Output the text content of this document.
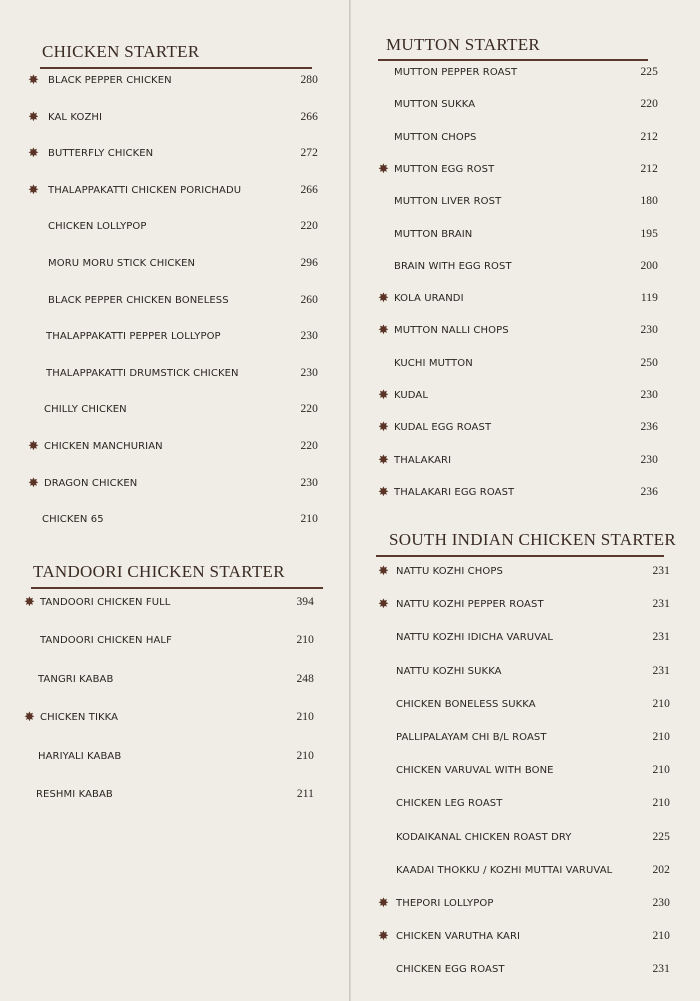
CHICKEN STARTER
✸ BLACK PEPPER CHICKEN	280
✸ KAL KOZHI	266
✸ BUTTERFLY CHICKEN	272
✸ THALAPPAKATTI CHICKEN PORICHADU	266
CHICKEN LOLLYPOP	220
MORU MORU STICK CHICKEN	296
BLACK PEPPER CHICKEN BONELESS	260
THALAPPAKATTI PEPPER LOLLYPOP	230
THALAPPAKATTI DRUMSTICK CHICKEN	230
CHILLY CHICKEN	220
✸ CHICKEN MANCHURIAN	220
✸ DRAGON CHICKEN	230
CHICKEN 65	210
TANDOORI CHICKEN STARTER
✸ TANDOORI CHICKEN FULL	394
TANDOORI CHICKEN HALF	210
TANGRI KABAB	248
✸ CHICKEN TIKKA	210
HARIYALI KABAB	210
RESHMI KABAB	211
MUTTON STARTER
MUTTON PEPPER ROAST	225
MUTTON SUKKA	220
MUTTON CHOPS	212
✸ MUTTON EGG ROST	212
MUTTON LIVER ROST	180
MUTTON BRAIN	195
BRAIN WITH EGG ROST	200
✸ KOLA URANDI	119
✸ MUTTON NALLI CHOPS	230
KUCHI MUTTON	250
✸ KUDAL	230
✸ KUDAL EGG ROAST	236
✸ THALAKARI	230
✸ THALAKARI EGG ROAST	236
SOUTH INDIAN CHICKEN STARTER
✸ NATTU KOZHI CHOPS	231
✸ NATTU KOZHI PEPPER ROAST	231
NATTU KOZHI IDICHA VARUVAL	231
NATTU KOZHI SUKKA	231
CHICKEN BONELESS SUKKA	210
PALLIPALAYAM CHI B/L ROAST	210
CHICKEN VARUVAL WITH BONE	210
CHICKEN LEG ROAST	210
KODAIKANAL CHICKEN ROAST DRY	225
KAADAI THOKKU / KOZHI MUTTAI VARUVAL	202
✸ THEPORI LOLLYPOP	230
✸ CHICKEN VARUTHA KARI	210
CHICKEN EGG ROAST	231
